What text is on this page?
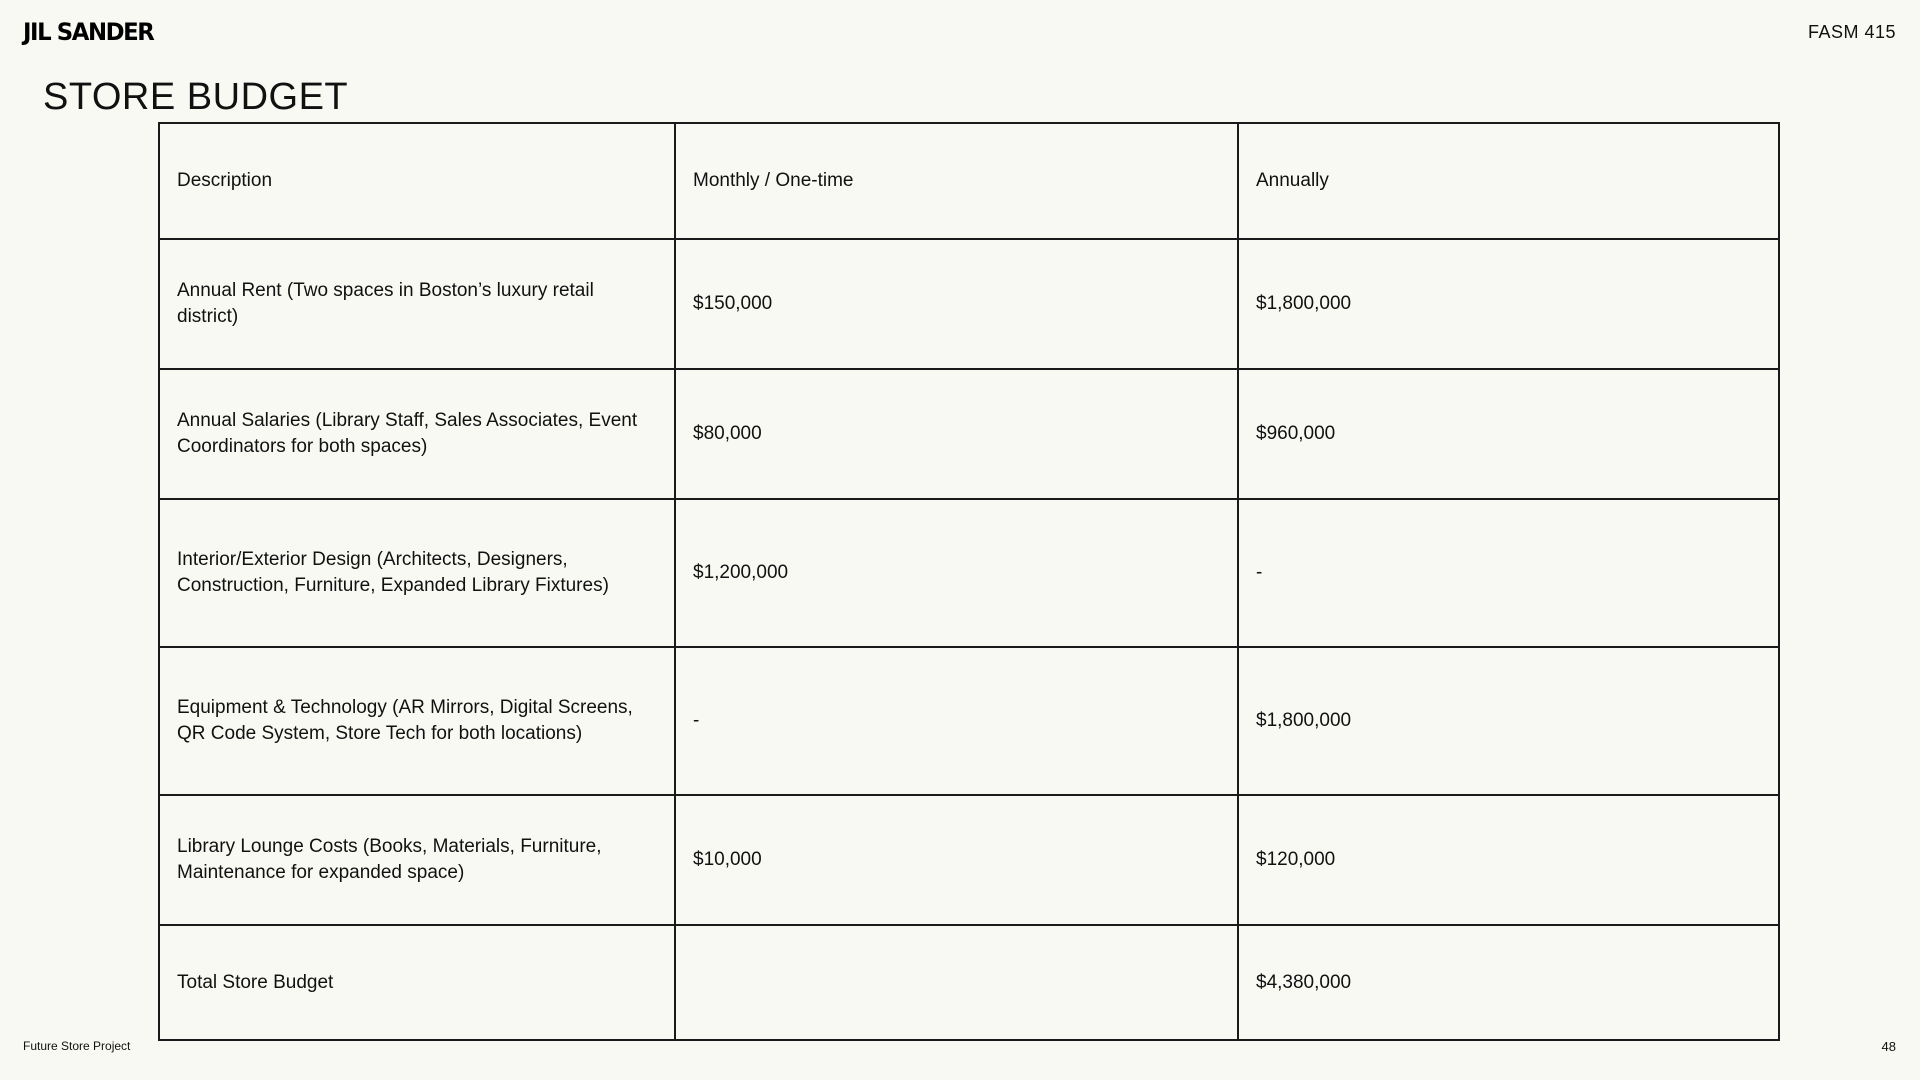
JIL SANDER	FASM 415
STORE BUDGET
Description	Monthly / One-time	Annually
Annual Rent (Two spaces in Boston’s luxury retail district)	$150,000	$1,800,000
Annual Salaries (Library Staff, Sales Associates, Event Coordinators for both spaces)	$80,000	$960,000
Interior/Exterior Design (Architects, Designers, Construction, Furniture, Expanded Library Fixtures)	$1,200,000	-
Equipment & Technology (AR Mirrors, Digital Screens, QR Code System, Store Tech for both locations)	-	$1,800,000
Library Lounge Costs (Books, Materials, Furniture, Maintenance for expanded space)	$10,000	$120,000
Total Store Budget		$4,380,000
Future Store Project	48
